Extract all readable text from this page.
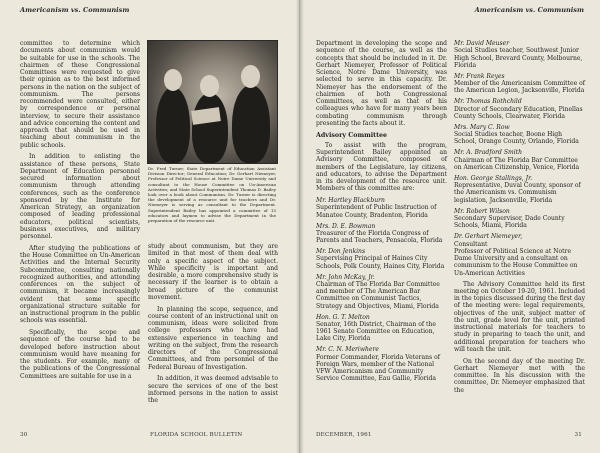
Americanism vs. Communism

committee to determine which documents about communism would be suitable for use in the schools. The chairmen of these Congressional Committees were requested to give their opinion as to the best informed persons in the nation on the subject of communism. The persons recommended were consulted, either by correspondence or personal interview, to secure their assistance and advice concerning the content and approach that should be used in teaching about communism in the public schools.

In addition to enlisting the assistance of these persons, State Department of Education personnel secured information about communism through attending conferences, such as the conference sponsored by the Institute for American Strategy, an organization composed of leading professional educators, political scientists, business executives, and military personnel.

After studying the publications of the House Committee on Un-American Activities and the Internal Security Subcommittee, consulting nationally recognized authorities, and attending conferences on the subject of communism, it became increasingly evident that some specific organizational structure suitable for an instructional program in the public schools was essential.

Specifically, the scope and sequence of the course had to be developed before instruction about communism would have meaning for the students. For example, many of the publications of the Congressional Committees are suitable for use in a

Dr. Fred Turner, State Department of Education Assistant Division Director; General Education; Dr. Gerhart Niemeyer, Professor of Political Science at Notre Dame University and consultant to the House Committee on Un-American Activities; and State School Superintendent Thomas D. Bailey look over a book about Communism. Dr. Turner is directing the development of a resource unit for teachers and Dr. Niemeyer is serving as consultant to the Department. Superintendent Bailey has appointed a committee of 13 educators and laymen to advise the Department in the preparation of the resource unit.

study about communism, but they are limited in that most of them deal with only a specific aspect of the subject. While specificity is important and desirable, a more comprehensive study is necessary if the learner is to obtain a broad picture of the communist movement.

In planning the scope, sequence, and course content of an instructional unit on communism, ideas were solicited from college professors who have had extensive experience in teaching and writing on the subject, from the research directors of the Congressional Committees, and from personnel of the Federal Bureau of Investigation.

In addition, it was deemed advisable to secure the services of one of the best informed persons in the nation to assist the

30	FLORIDA SCHOOL BULLETIN
Americanism vs. Communism

Department in developing the scope and sequence of the course, as well as the concepts that should be included in it. Dr. Gerhart Niemeyer, Professor of Political Science, Notre Dame University, was selected to serve in this capacity. Dr. Niemeyer has the endorsement of the chairmen of both Congressional Committees, as well as that of his colleagues who have for many years been combating communism through presenting the facts about it.

Advisory Committee

To assist with the program, Superintendent Bailey appointed an Advisory Committee, composed of members of the Legislature, lay citizens, and educators, to advise the Department in its development of the resource unit. Members of this committee are:

Mr. Hartley Blackburn
Superintendent of Public Instruction of Manatee County, Bradenton, Florida
Mrs. D. E. Bowman
Treasurer of the Florida Congress of Parents and Teachers, Pensacola, Florida
Mr. Don Jenkins
Supervising Principal of Haines City Schools, Polk County, Haines City, Florida
Mr. John McKay, Jr.
Chairman of The Florida Bar Committee and member of The American Bar Committee on Communist Tactics, Strategy and Objectives, Miami, Florida
Hon. G. T. Melton
Senator, 16th District, Chairman of the 1961 Senate Committee on Education, Lake City, Florida
Mr. C. N. Meriwhere
Former Commander, Florida Veterans of Foreign Wars, member of the National VFW Americanism and Community Service Committee, Eau Gallie, Florida
Mr. David Meuser
Social Studies teacher, Southwest Junior High School, Brevard County, Melbourne, Florida
Mr. Frank Reyes
Member of the Americanism Committee of the American Legion, Jacksonville, Florida
Mr. Thomas Rothchild
Director of Secondary Education, Pinellas County Schools, Clearwater, Florida
Mrs. Mary C. Row
Social Studies teacher, Boone High School, Orange County, Orlando, Florida
Mr. A. Bradford Smith
Chairman of The Florida Bar Committee on American Citizenship, Venice, Florida
Hon. George Stallings, Jr.
Representative, Duval County, sponsor of the Americanism vs. Communism legislation, Jacksonville, Florida
Mr. Robert Wilson
Secondary Supervisor, Dade County Schools, Miami, Florida
Dr. Gerhart Niemeyer,
Consultant
Professor of Political Science at Notre Dame University and a consultant on communism to the House Committee on Un-American Activities

The Advisory Committee held its first meeting on October 19-20, 1961. Included in the topics discussed during the first day of the meeting were: legal requirements, objectives of the unit, subject matter of the unit, grade level for the unit, printed instructional materials for teachers to study in preparing to teach the unit, and additional preparation for teachers who will teach the unit.

On the second day of the meeting Dr. Gerhart Niemeyer met with the committee. In his discussion with the committee, Dr. Niemeyer emphasized that the

DECEMBER, 1961	31
